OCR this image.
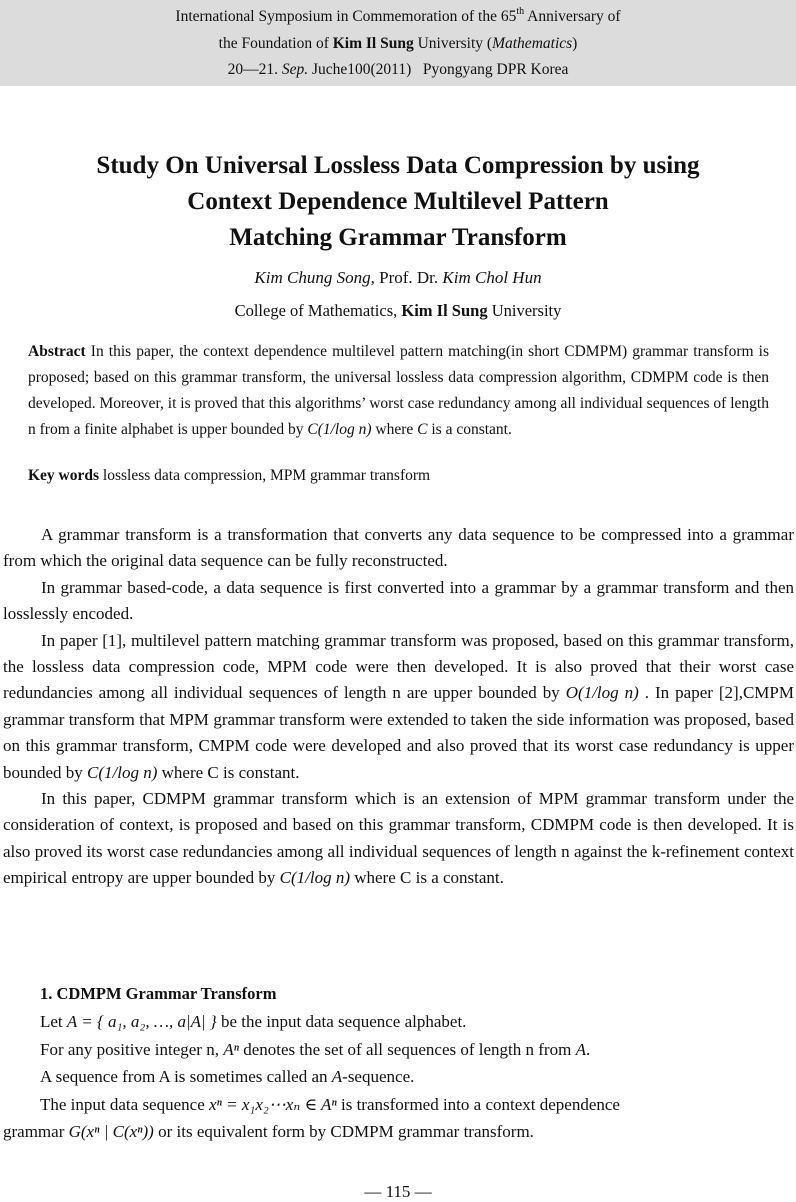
International Symposium in Commemoration of the 65th Anniversary of
the Foundation of Kim Il Sung University (Mathematics)
20—21. Sep. Juche100(2011)   Pyongyang DPR Korea
Study On Universal Lossless Data Compression by using
Context Dependence Multilevel Pattern
Matching Grammar Transform
Kim Chung Song, Prof. Dr. Kim Chol Hun
College of Mathematics, Kim Il Sung University
Abstract In this paper, the context dependence multilevel pattern matching(in short CDMPM) grammar transform is proposed; based on this grammar transform, the universal lossless data compression algorithm, CDMPM code is then developed. Moreover, it is proved that this algorithms’ worst case redundancy among all individual sequences of length n from a finite alphabet is upper bounded by C(1/log n) where C is a constant.
Key words lossless data compression, MPM grammar transform

A grammar transform is a transformation that converts any data sequence to be compressed into a grammar from which the original data sequence can be fully reconstructed.

In grammar based-code, a data sequence is first converted into a grammar by a grammar transform and then losslessly encoded.

In paper [1], multilevel pattern matching grammar transform was proposed, based on this grammar transform, the lossless data compression code, MPM code were then developed. It is also proved that their worst case redundancies among all individual sequences of length n are upper bounded by O(1/log n) . In paper [2],CMPM grammar transform that MPM grammar transform were extended to taken the side information was proposed, based on this grammar transform, CMPM code were developed and also proved that its worst case redundancy is upper bounded by C(1/log n) where C is constant.

In this paper, CDMPM grammar transform which is an extension of MPM grammar transform under the consideration of context, is proposed and based on this grammar transform, CDMPM code is then developed. It is also proved its worst case redundancies among all individual sequences of length n against the k-refinement context empirical entropy are upper bounded by C(1/log n) where C is a constant.

1. CDMPM Grammar Transform
Let A = { a₁, a₂, …, a|A| } be the input data sequence alphabet.
For any positive integer n, Aⁿ denotes the set of all sequences of length n from A.
A sequence from A is sometimes called an A-sequence.
The input data sequence xⁿ = x₁x₂⋯xₙ ∈ Aⁿ is transformed into a context dependence
grammar G(xⁿ | C(xⁿ)) or its equivalent form by CDMPM grammar transform.
— 115 —
